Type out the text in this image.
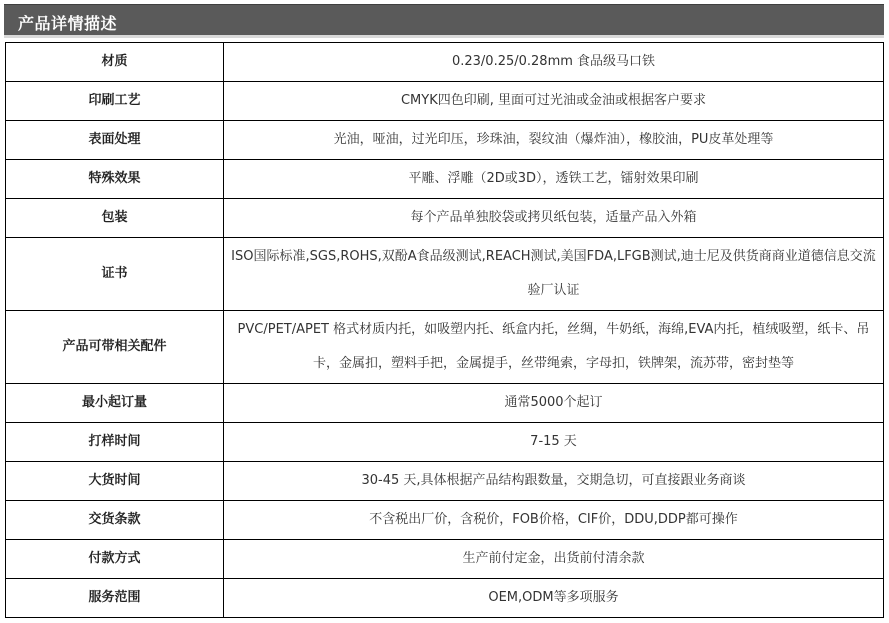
产品详情描述
材质	0.23/0.25/0.28mm 食品级马口铁
印刷工艺	CMYK四色印刷, 里面可过光油或金油或根据客户要求
表面处理	光油，哑油，过光印压，珍珠油，裂纹油（爆炸油），橡胶油，PU皮革处理等
特殊效果	平雕、浮雕（2D或3D），透铁工艺，镭射效果印刷
包装	每个产品单独胶袋或拷贝纸包装，适量产品入外箱
证书	ISO国际标准,SGS,ROHS,双酚A食品级测试,REACH测试,美国FDA,LFGB测试,迪士尼及供货商商业道德信息交流验厂认证
产品可带相关配件	PVC/PET/APET 格式材质内托，如吸塑内托、纸盒内托，丝绸，牛奶纸，海绵,EVA内托，植绒吸塑，纸卡、吊卡，金属扣，塑料手把，金属提手，丝带绳索，字母扣，铁牌架，流苏带，密封垫等
最小起订量	通常5000个起订
打样时间	7-15 天
大货时间	30-45 天,具体根据产品结构跟数量，交期急切，可直接跟业务商谈
交货条款	不含税出厂价，含税价，FOB价格，CIF价，DDU,DDP都可操作
付款方式	生产前付定金，出货前付清余款
服务范围	OEM,ODM等多项服务
